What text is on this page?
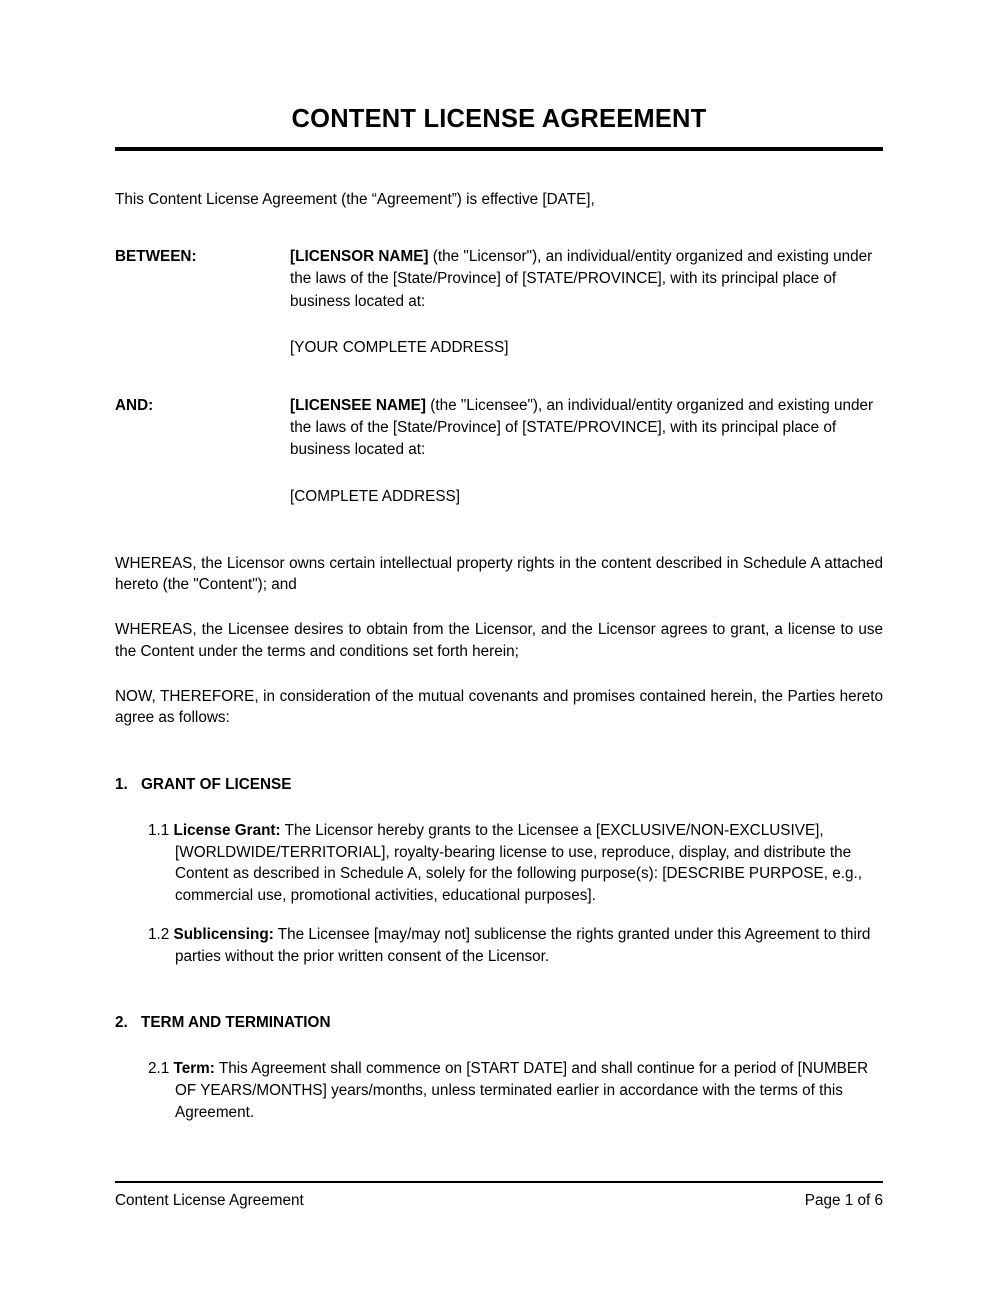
CONTENT LICENSE AGREEMENT

This Content License Agreement (the “Agreement”) is effective [DATE],

BETWEEN:	[LICENSOR NAME] (the "Licensor"), an individual/entity organized and existing under the laws of the [State/Province] of [STATE/PROVINCE], with its principal place of business located at:
[YOUR COMPLETE ADDRESS]
AND:	[LICENSEE NAME] (the "Licensee"), an individual/entity organized and existing under the laws of the [State/Province] of [STATE/PROVINCE], with its principal place of business located at:
[COMPLETE ADDRESS]

WHEREAS, the Licensor owns certain intellectual property rights in the content described in Schedule A attached hereto (the "Content"); and

WHEREAS, the Licensee desires to obtain from the Licensor, and the Licensor agrees to grant, a license to use the Content under the terms and conditions set forth herein;

NOW, THEREFORE, in consideration of the mutual covenants and promises contained herein, the Parties hereto agree as follows:

1. GRANT OF LICENSE

1.1 License Grant: The Licensor hereby grants to the Licensee a [EXCLUSIVE/NON-EXCLUSIVE], [WORLDWIDE/TERRITORIAL], royalty-bearing license to use, reproduce, display, and distribute the Content as described in Schedule A, solely for the following purpose(s): [DESCRIBE PURPOSE, e.g., commercial use, promotional activities, educational purposes].

1.2 Sublicensing: The Licensee [may/may not] sublicense the rights granted under this Agreement to third parties without the prior written consent of the Licensor.

2. TERM AND TERMINATION

2.1 Term: This Agreement shall commence on [START DATE] and shall continue for a period of [NUMBER OF YEARS/MONTHS] years/months, unless terminated earlier in accordance with the terms of this Agreement.

Content License Agreement	Page 1 of 6
